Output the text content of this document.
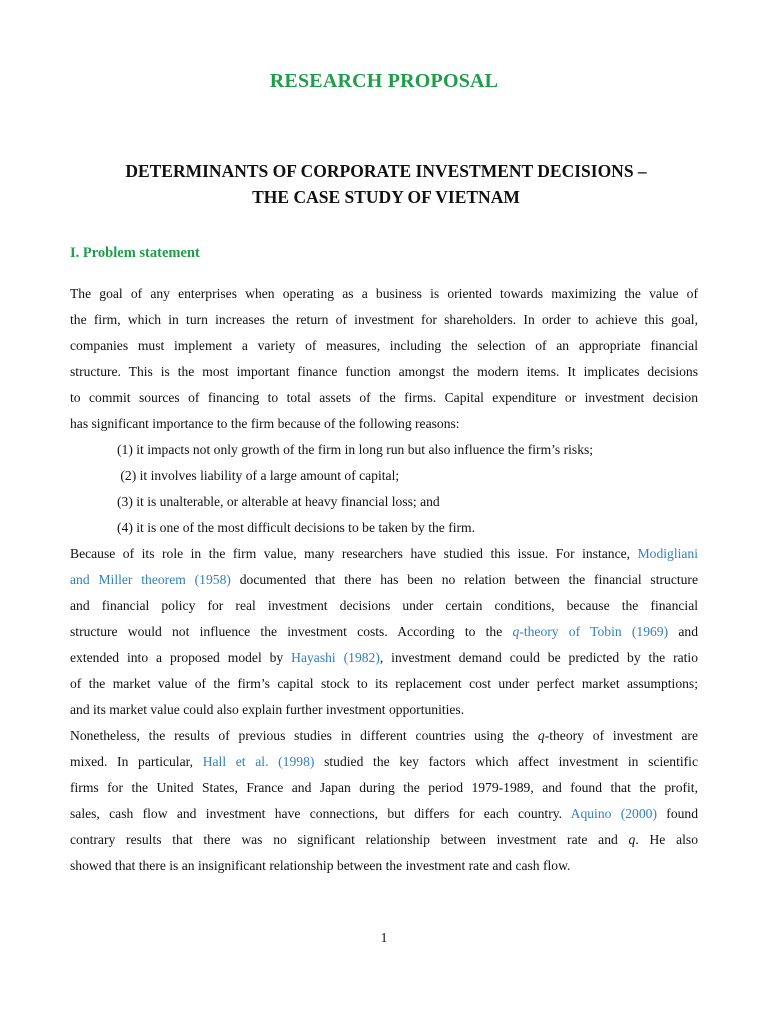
RESEARCH PROPOSAL
DETERMINANTS OF CORPORATE INVESTMENT DECISIONS –
THE CASE STUDY OF VIETNAM
I. Problem statement
The goal of any enterprises when operating as a business is oriented towards maximizing the value of
the firm, which in turn increases the return of investment for shareholders. In order to achieve this goal,
companies must implement a variety of measures, including the selection of an appropriate financial
structure. This is the most important finance function amongst the modern items. It implicates decisions
to commit sources of financing to total assets of the firms. Capital expenditure or investment decision
has significant importance to the firm because of the following reasons:
(1) it impacts not only growth of the firm in long run but also influence the firm’s risks;
(2) it involves liability of a large amount of capital;
(3) it is unalterable, or alterable at heavy financial loss; and
(4) it is one of the most difficult decisions to be taken by the firm.
Because of its role in the firm value, many researchers have studied this issue. For instance, Modigliani
and Miller theorem (1958) documented that there has been no relation between the financial structure
and financial policy for real investment decisions under certain conditions, because the financial
structure would not influence the investment costs. According to the q-theory of Tobin (1969) and
extended into a proposed model by Hayashi (1982), investment demand could be predicted by the ratio
of the market value of the firm’s capital stock to its replacement cost under perfect market assumptions;
and its market value could also explain further investment opportunities.
Nonetheless, the results of previous studies in different countries using the q-theory of investment are
mixed. In particular, Hall et al. (1998) studied the key factors which affect investment in scientific
firms for the United States, France and Japan during the period 1979-1989, and found that the profit,
sales, cash flow and investment have connections, but differs for each country. Aquino (2000) found
contrary results that there was no significant relationship between investment rate and q. He also
showed that there is an insignificant relationship between the investment rate and cash flow.
1
